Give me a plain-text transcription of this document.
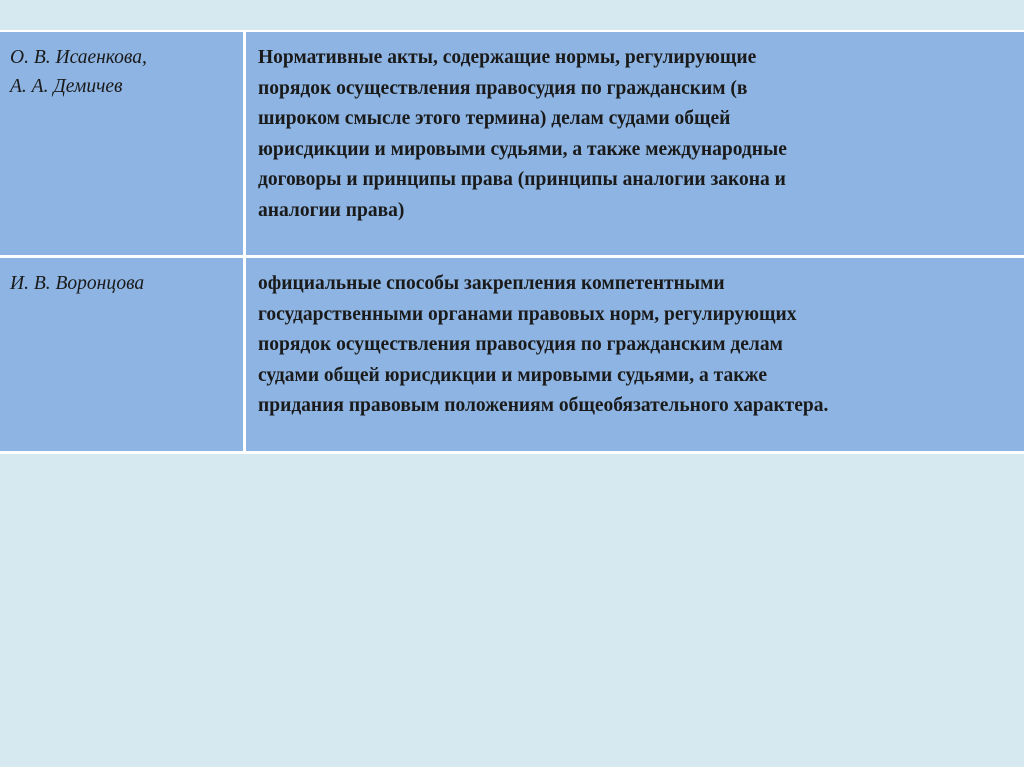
О. В. Исаенкова,
А. А. Демичев
Нормативные акты, содержащие нормы, регулирующие
порядок осуществления правосудия по гражданским (в
широком смысле этого термина) делам судами общей
юрисдикции и мировыми судьями, а также международные
договоры и принципы права (принципы аналогии закона и
аналогии права)
И. В. Воронцова	официальные способы закрепления компетентными
государственными органами правовых норм, регулирующих
порядок осуществления правосудия по гражданским делам
судами общей юрисдикции и мировыми судьями, а также
придания правовым положениям общеобязательного характера.
